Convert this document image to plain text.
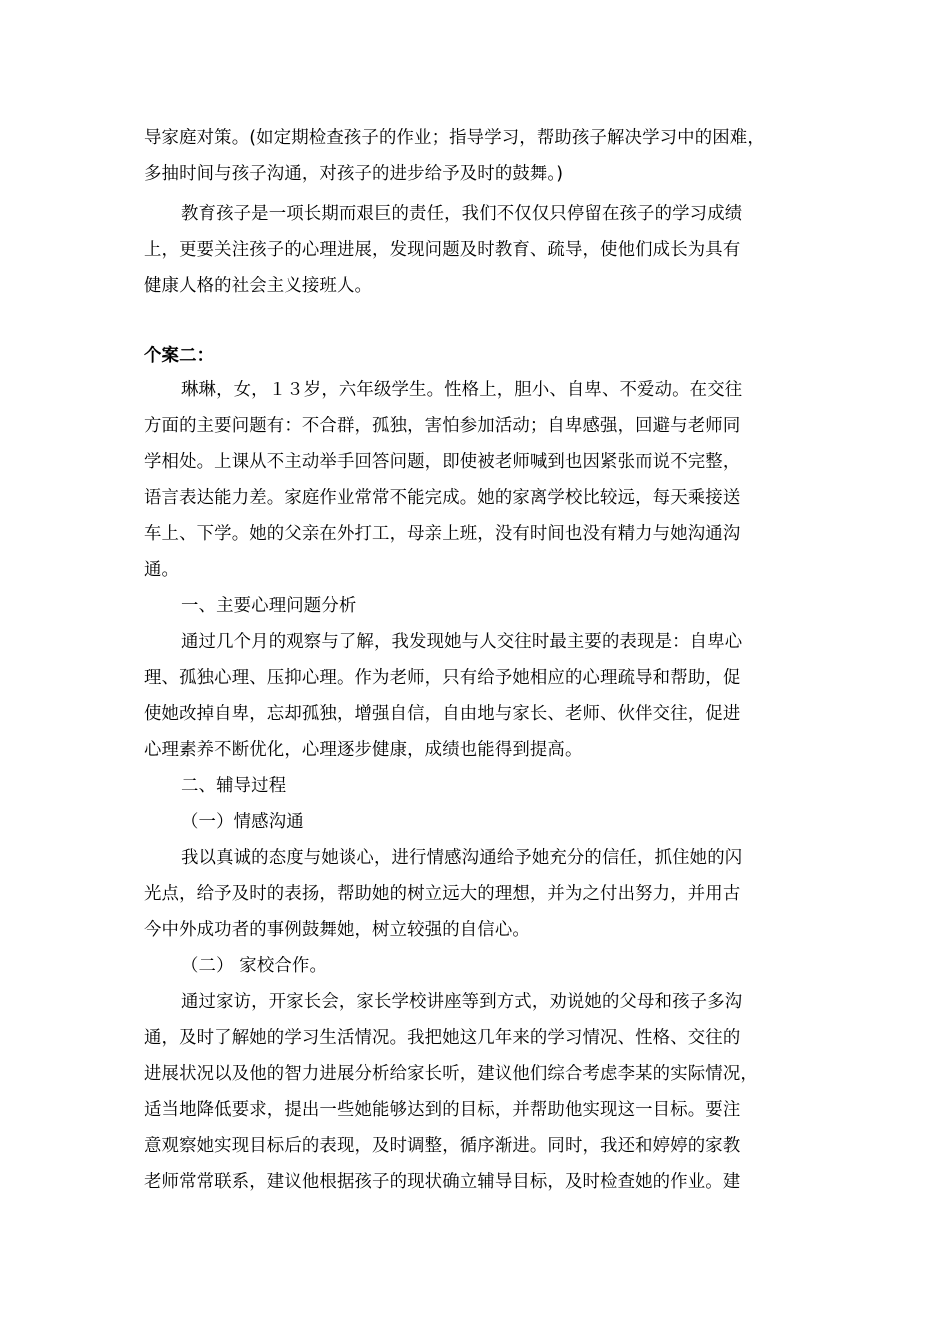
导家庭对策。(如定期检查孩子的作业；指导学习，帮助孩子解决学习中的困难，
多抽时间与孩子沟通，对孩子的进步给予及时的鼓舞。)
教育孩子是一项长期而艰巨的责任，我们不仅仅只停留在孩子的学习成绩
上，更要关注孩子的心理进展，发现问题及时教育、疏导，使他们成长为具有
健康人格的社会主义接班人。
个案二：
琳琳，女，１３岁，六年级学生。性格上，胆小、自卑、不爱动。在交往
方面的主要问题有：不合群，孤独，害怕参加活动；自卑感强，回避与老师同
学相处。上课从不主动举手回答问题，即使被老师喊到也因紧张而说不完整，
语言表达能力差。家庭作业常常不能完成。她的家离学校比较远，每天乘接送
车上、下学。她的父亲在外打工，母亲上班，没有时间也没有精力与她沟通沟
通。
一、主要心理问题分析
通过几个月的观察与了解，我发现她与人交往时最主要的表现是：自卑心
理、孤独心理、压抑心理。作为老师，只有给予她相应的心理疏导和帮助，促
使她改掉自卑，忘却孤独，增强自信，自由地与家长、老师、伙伴交往，促进
心理素养不断优化，心理逐步健康，成绩也能得到提高。
二、辅导过程
（一）情感沟通
我以真诚的态度与她谈心，进行情感沟通给予她充分的信任，抓住她的闪
光点，给予及时的表扬，帮助她的树立远大的理想，并为之付出努力，并用古
今中外成功者的事例鼓舞她，树立较强的自信心。
（二） 家校合作。
通过家访，开家长会，家长学校讲座等到方式，劝说她的父母和孩子多沟
通，及时了解她的学习生活情况。我把她这几年来的学习情况、性格、交往的
进展状况以及他的智力进展分析给家长听，建议他们综合考虑李某的实际情况，
适当地降低要求，提出一些她能够达到的目标，并帮助他实现这一目标。要注
意观察她实现目标后的表现，及时调整，循序渐进。同时，我还和婷婷的家教
老师常常联系，建议他根据孩子的现状确立辅导目标，及时检查她的作业。建
